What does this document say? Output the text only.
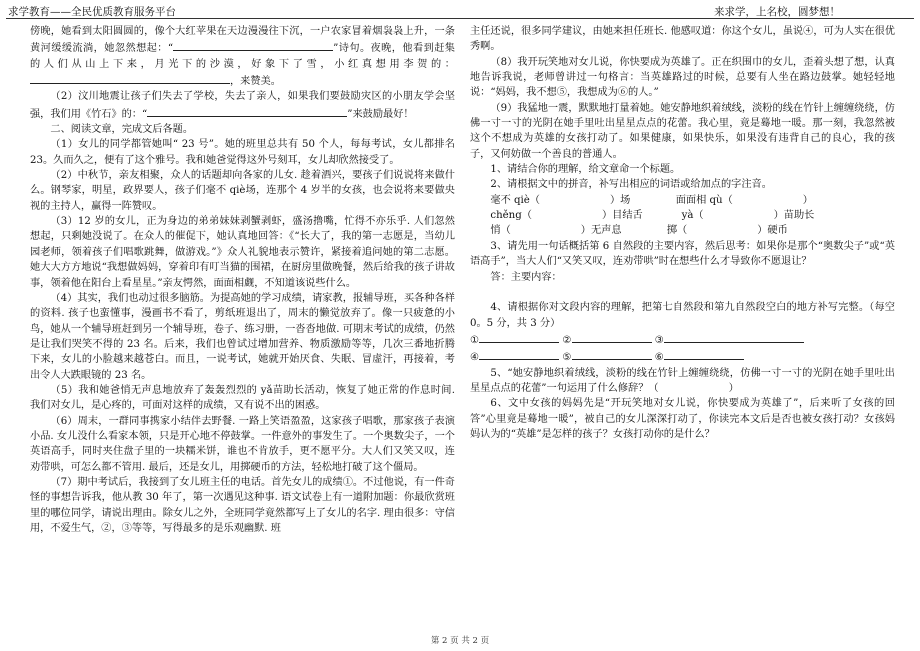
求学教育——全民优质教育服务平台	来求学，上名校，圆梦想！

傍晚，她看到太阳圆圆的，像个大红苹果在天边漫漫往下沉，一户农家冒着烟袅袅上升，一条黄河缓缓流淌，她忽然想起：“	”诗句。夜晚，他看到赶集的人们从山上下来，月光下的沙漠，好象下了雪，小红真想用李贺的：，来赞美。

（2）汶川地震让孩子们失去了学校，失去了亲人，如果我们要鼓励灾区的小朋友学会坚强，我们用《竹石》的：“	”来鼓励最好！

二、阅读文章，完成文后各题。

（1）女儿的同学都管她叫“ 23 号”。她的班里总共有 50 个人，每每考试，女儿都排名 23。久而久之，便有了这个雅号。我和她爸觉得这外号刻耳，女儿却欣然接受了。

（2）中秋节，亲友相聚，众人的话题却向各家的儿女. 趁着酒兴，要孩子们说说将来做什么。钢琴家，明星，政界要人，孩子们毫不 qiè场，连那个 4 岁半的女孩，也会说将来要做央视的主持人，赢得一阵赞叹。

（3）12 岁的女儿，正为身边的弟弟妹妹剥蟹剥虾，盛汤撸嘴，忙得不亦乐乎. 人们忽然想起，只剩她没说了。在众人的催促下，她认真地回答：《“长大了，我的第一志愿是，当幼儿园老师，领着孩子们唱歌跳舞，做游戏。”》众人礼貌地表示赞许，紧接着追问她的第二志愿。她大大方方地说“我想做妈妈，穿着印有叮当猫的围裙，在厨房里做晚餐，然后给我的孩子讲故事，领着他在阳台上看星星。”亲友愕然，面面相觑，不知道该说些什么。

（4）其实，我们也动过很多脑筋。为提高她的学习成绩，请家教，报辅导班，买各种各样的资料. 孩子也蛮懂事，漫画书不看了，剪纸班退出了，周末的懒觉放弃了。像一只疲惫的小鸟，她从一个辅导班赶到另一个辅导班，卷子、练习册，一沓沓地做. 可期末考试的成绩，仍然是让我们哭笑不得的 23 名。后来，我们也曾试过增加营养、物质激励等等，几次三番地折腾下来，女儿的小脸越来越苍白。而且，一说考试，她就开始厌食、失眠、冒虚汗，再接着，考出令人大跌眼镜的 23 名。

（5）我和她爸悄无声息地放弃了轰轰烈烈的 yǎ苗助长活动，恢复了她正常的作息时间. 我们对女儿，是心疼的，可面对这样的成绩，又有说不出的困惑。

（6）周末，一群同事携家小结伴去野餐. 一路上笑语盈盈，这家孩子唱歌，那家孩子表演小品. 女儿没什么看家本领，只是开心地不停鼓掌。一件意外的事发生了。一个奥数尖子，一个英语高手，同时夹住盘子里的一块糯米饼，谁也不肯放手，更不愿平分。大人们又笑又叹，连劝带哄，可怎么都不管用. 最后，还是女儿，用掷硬币的方法，轻松地打破了这个僵局。

（7）期中考试后，我接到了女儿班主任的电话。首先女儿的成绩①。不过他说，有一件奇怪的事想告诉我，他从教 30 年了，第一次遇见这种事. 语文试卷上有一道附加题：你最欣赏班里的哪位同学，请说出理由。除女儿之外，全班同学竟然都写上了女儿的名字. 理由很多：守信用，不爱生气，②，③等等，写得最多的是乐观幽默. 班

主任还说，很多同学建议，由她来担任班长. 他感叹道：你这个女儿，虽说④，可为人实在很优秀啊。

（8）我开玩笑地对女儿说，你快要成为英雄了。正在织围巾的女儿，歪着头想了想，认真地告诉我说，老师曾讲过一句格言：当英雄路过的时候，总要有人坐在路边鼓掌。她轻轻地说：“妈妈，我不想⑤，我想成为⑥的人。”

（9）我猛地一震，默默地打量着她。她安静地织着绒线，淡粉的线在竹针上缠缠绕绕，仿佛一寸一寸的光阴在她手里吐出星星点点的花蕾。我心里，竟是蓦地一暖。那一刻，我忽然被这个不想成为英雄的女孩打动了。如果健康，如果快乐，如果没有违背自己的良心，我的孩子，又何妨做一个善良的普通人。

1、请结合你的理解，给文章命一个标题。

2、请根据文中的拼音，补写出相应的词语或给加点的字注音。

毫不 qiè（	）场	面面相 qù（	）

chěng（	）目结舌	yà（	）苗助长

悄（	）无声息	掷（	）硬币

3、请先用一句话概括第 6 自然段的主要内容，然后思考：如果你是那个“奥数尖子”或“英语高手”，当大人们“又笑又叹，连劝带哄”时在想些什么才导致你不愿退让？

答：主要内容：

4、请根据你对文段内容的理解，把第七自然段和第九自然段空白的地方补写完整。（每空 0。5 分，共 3 分）

①	②	③

④	⑤	⑥

5、“她安静地织着绒线，淡粉的线在竹针上缠缠绕绕，仿佛一寸一寸的光阴在她手里吐出星星点点的花蕾”一句运用了什么修辞？（	）

6、文中女孩的妈妈先是“开玩笑地对女儿说，你快要成为英雄了”，后来听了女孩的回答”心里竟是蓦地一暖”，被自己的女儿深深打动了，你读完本文后是否也被女孩打动？女孩妈妈认为的“英雄”是怎样的孩子？女孩打动你的是什么？

第 2 页 共 2 页
